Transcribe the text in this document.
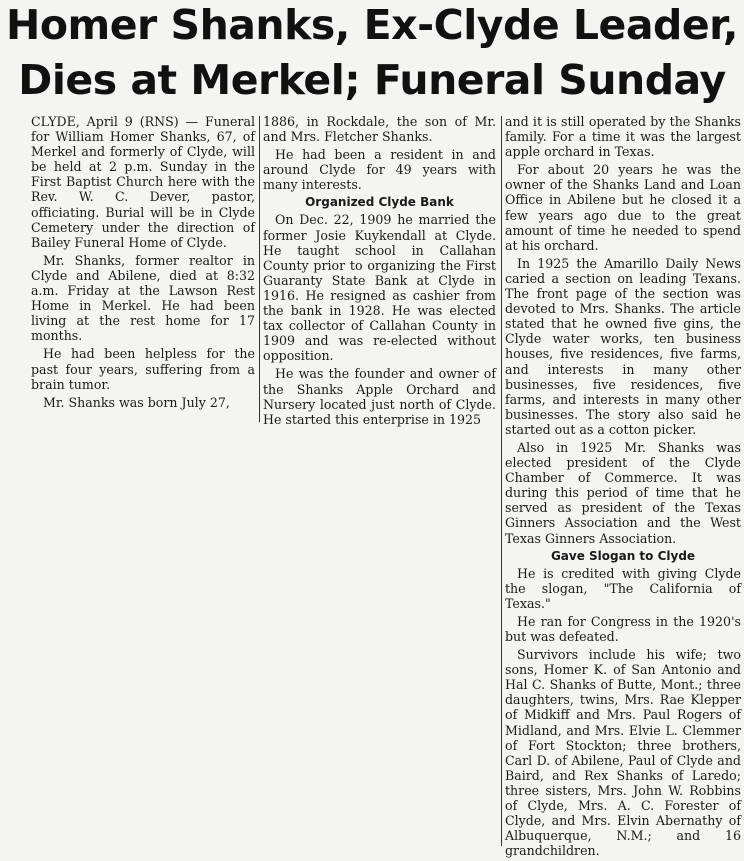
Homer Shanks, Ex-Clyde Leader,
Dies at Merkel; Funeral Sunday

CLYDE, April 9 (RNS) — Funeral for William Homer Shanks, 67, of Merkel and formerly of Clyde, will be held at 2 p.m. Sunday in the First Baptist Church here with the Rev. W. C. Dever, pastor, officiating. Burial will be in Clyde Cemetery under the direction of Bailey Funeral Home of Clyde.

Mr. Shanks, former realtor in Clyde and Abilene, died at 8:32 a.m. Friday at the Lawson Rest Home in Merkel. He had been living at the rest home for 17 months.

He had been helpless for the past four years, suffering from a brain tumor.

Mr. Shanks was born July 27,

1886, in Rockdale, the son of Mr. and Mrs. Fletcher Shanks.

He had been a resident in and around Clyde for 49 years with many interests.

Organized Clyde Bank

On Dec. 22, 1909 he married the former Josie Kuykendall at Clyde. He taught school in Callahan County prior to organizing the First Guaranty State Bank at Clyde in 1916. He resigned as cashier from the bank in 1928. He was elected tax collector of Callahan County in 1909 and was re-elected without opposition.

He was the founder and owner of the Shanks Apple Orchard and Nursery located just north of Clyde. He started this enterprise in 1925

and it is still operated by the Shanks family. For a time it was the largest apple orchard in Texas.

For about 20 years he was the owner of the Shanks Land and Loan Office in Abilene but he closed it a few years ago due to the great amount of time he needed to spend at his orchard.

In 1925 the Amarillo Daily News caried a section on leading Texans. The front page of the section was devoted to Mrs. Shanks. The article stated that he owned five gins, the Clyde water works, ten business houses, five residences, five farms, and interests in many other businesses, five residences, five farms, and interests in many other businesses. The story also said he started out as a cotton picker.

Also in 1925 Mr. Shanks was elected president of the Clyde Chamber of Commerce. It was during this period of time that he served as president of the Texas Ginners Association and the West Texas Ginners Association.

Gave Slogan to Clyde

He is credited with giving Clyde the slogan, "The California of Texas."

He ran for Congress in the 1920's but was defeated.

Survivors include his wife; two sons, Homer K. of San Antonio and Hal C. Shanks of Butte, Mont.; three daughters, twins, Mrs. Rae Klepper of Midkiff and Mrs. Paul Rogers of Midland, and Mrs. Elvie L. Clemmer of Fort Stockton; three brothers, Carl D. of Abilene, Paul of Clyde and Baird, and Rex Shanks of Laredo; three sisters, Mrs. John W. Robbins of Clyde, Mrs. A. C. Forester of Clyde, and Mrs. Elvin Abernathy of Albuquerque, N.M.; and 16 grandchildren.
